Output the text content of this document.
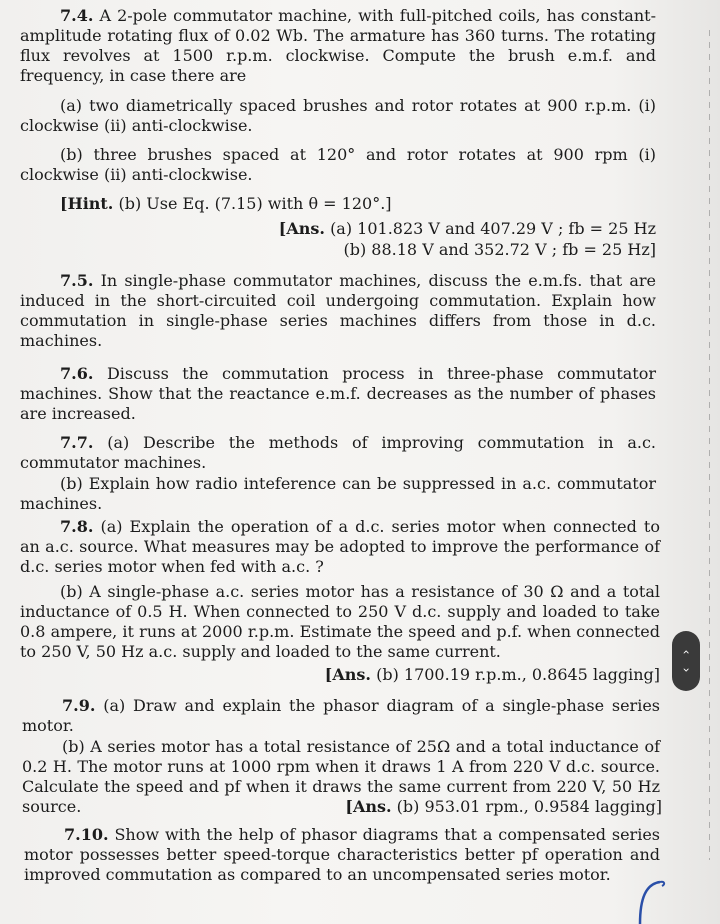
7.4. A 2-pole commutator machine, with full-pitched coils, has constant-amplitude rotating flux of 0.02 Wb. The armature has 360 turns. The rotating flux revolves at 1500 r.p.m. clockwise. Compute the brush e.m.f. and frequency, in case there are

(a) two diametrically spaced brushes and rotor rotates at 900 r.p.m. (i) clockwise (ii) anti-clockwise.

(b) three brushes spaced at 120° and rotor rotates at 900 rpm (i) clockwise (ii) anti-clockwise.

[Hint. (b) Use Eq. (7.15) with θ = 120°.]

[Ans. (a) 101.823 V and 407.29 V ; fb = 25 Hz

(b) 88.18 V and 352.72 V ; fb = 25 Hz]

7.5. In single-phase commutator machines, discuss the e.m.fs. that are induced in the short-circuited coil undergoing commutation. Explain how commutation in single-phase series machines differs from those in d.c. machines.

7.6. Discuss the commutation process in three-phase commutator machines. Show that the reactance e.m.f. decreases as the number of phases are increased.

7.7. (a) Describe the methods of improving commutation in a.c. commutator machines.

(b) Explain how radio inteference can be suppressed in a.c. commutator machines.

7.8. (a) Explain the operation of a d.c. series motor when connected to an a.c. source. What measures may be adopted to improve the performance of d.c. series motor when fed with a.c. ?

(b) A single-phase a.c. series motor has a resistance of 30 Ω and a total inductance of 0.5 H. When connected to 250 V d.c. supply and loaded to take 0.8 ampere, it runs at 2000 r.p.m. Estimate the speed and p.f. when connected to 250 V, 50 Hz a.c. supply and loaded to the same current.

[Ans. (b) 1700.19 r.p.m., 0.8645 lagging]

7.9. (a) Draw and explain the phasor diagram of a single-phase series motor.

(b) A series motor has a total resistance of 25Ω and a total inductance of 0.2 H. The motor runs at 1000 rpm when it draws 1 A from 220 V d.c. source. Calculate the speed and pf when it draws the same current from 220 V, 50 Hz source.	[Ans. (b) 953.01 rpm., 0.9584 lagging]

7.10. Show with the help of phasor diagrams that a compensated series motor possesses better speed-torque characteristics better pf operation and improved commutation as compared to an uncompensated series motor.

‹
›
